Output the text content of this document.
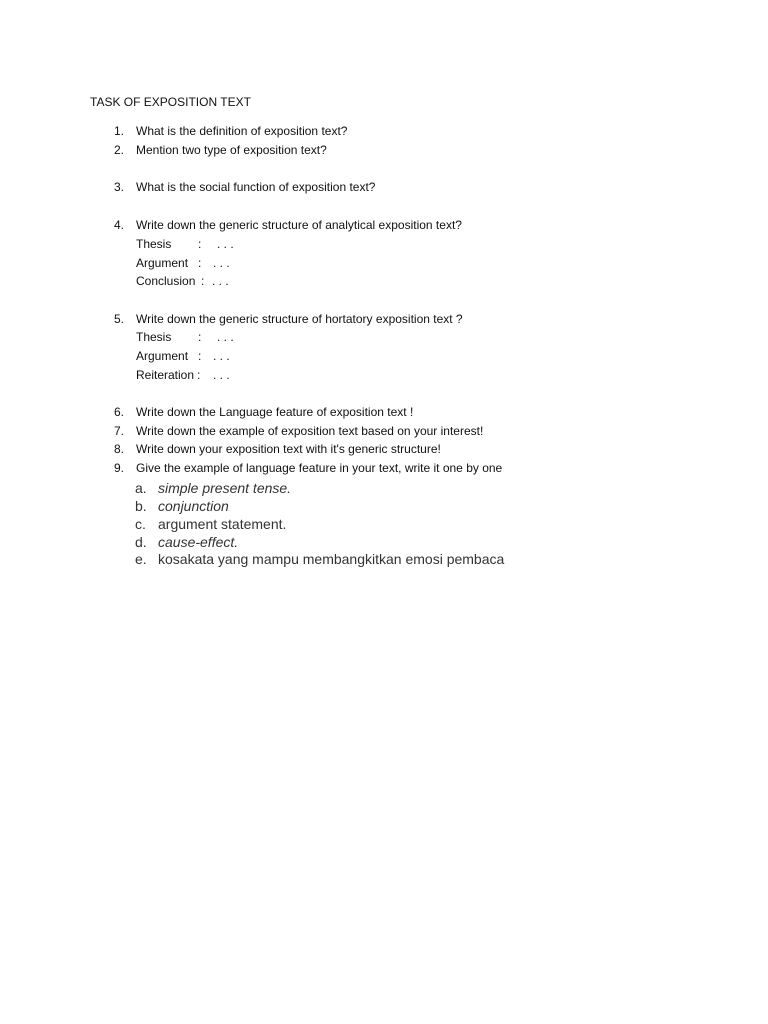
TASK OF EXPOSITION TEXT
1. What is the definition of exposition text?
2. Mention two type of exposition text?
3. What is the social function of exposition text?
4. Write down the generic structure of analytical exposition text?
Thesis : . . .
Argument : . . .
Conclusion : . . .
5. Write down the generic structure of hortatory exposition text ?
Thesis : . . .
Argument : . . .
Reiteration : . . .
6. Write down the Language feature of exposition text !
7. Write down the example of exposition text based on your interest!
8. Write down your exposition text with it's generic structure!
9. Give the example of language feature in your text, write it one by one
a. simple present tense.
b. conjunction
c. argument statement.
d. cause-effect.
e. kosakata yang mampu membangkitkan emosi pembaca
